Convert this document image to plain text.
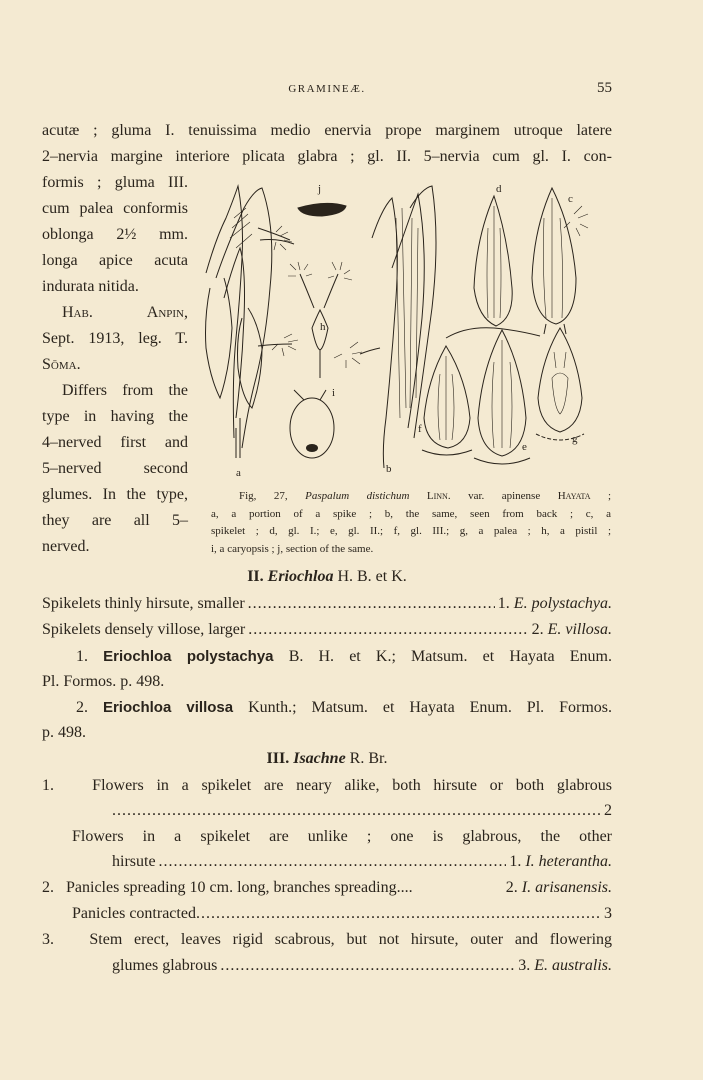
GRAMINEÆ.	55
acutæ ; gluma I. tenuissima medio enervia prope marginem utroque latere
2–nervia margine interiore plicata glabra ; gl. II. 5–nervia cum gl. I. con-
formis ; gluma III.
cum palea conformis
oblonga 2½ mm.
longa apice acuta
indurata nitida.
Hab. Anpin,
Sept. 1913, leg. T.
Sōma.
Differs from the
type in having the
4–nerved first and
5–nerved second
glumes. In the type,
they are all 5–
nerved.
j	d
c
h
i
a	b
f
e
g
Fig, 27, Paspalum distichum Linn. var. apinense Hayata ;
a, a portion of a spike ; b, the same, seen from back ; c, a
spikelet ; d, gl. I.; e, gl. II.; f, gl. III.; g, a palea ; h, a pistil ;
i, a caryopsis ; j, section of the same.
II. Eriochloa H. B. et K.
Spikelets thinly hirsute, smaller .....	1. E. polystachya.
Spikelets densely villose, larger .....	2. E. villosa.
1. Eriochloa polystachya B. H. et K.; Matsum. et Hayata Enum.
Pl. Formos. p. 498.
2. Eriochloa villosa Kunth.; Matsum. et Hayata Enum. Pl. Formos.
p. 498.
III. Isachne R. Br.
1. Flowers in a spikelet are neary alike, both hirsute or both glabrous
.....
2
Flowers in a spikelet are unlike ; one is glabrous, the other
hirsute .....	1. I. heterantha.
2.
Panicles spreading 10 cm. long, branches spreading....	2. I. arisanensis.
Panicles contracted .....	3
3. Stem erect, leaves rigid scabrous, but not hirsute, outer and flowering
glumes glabrous .....	3. E. australis.
